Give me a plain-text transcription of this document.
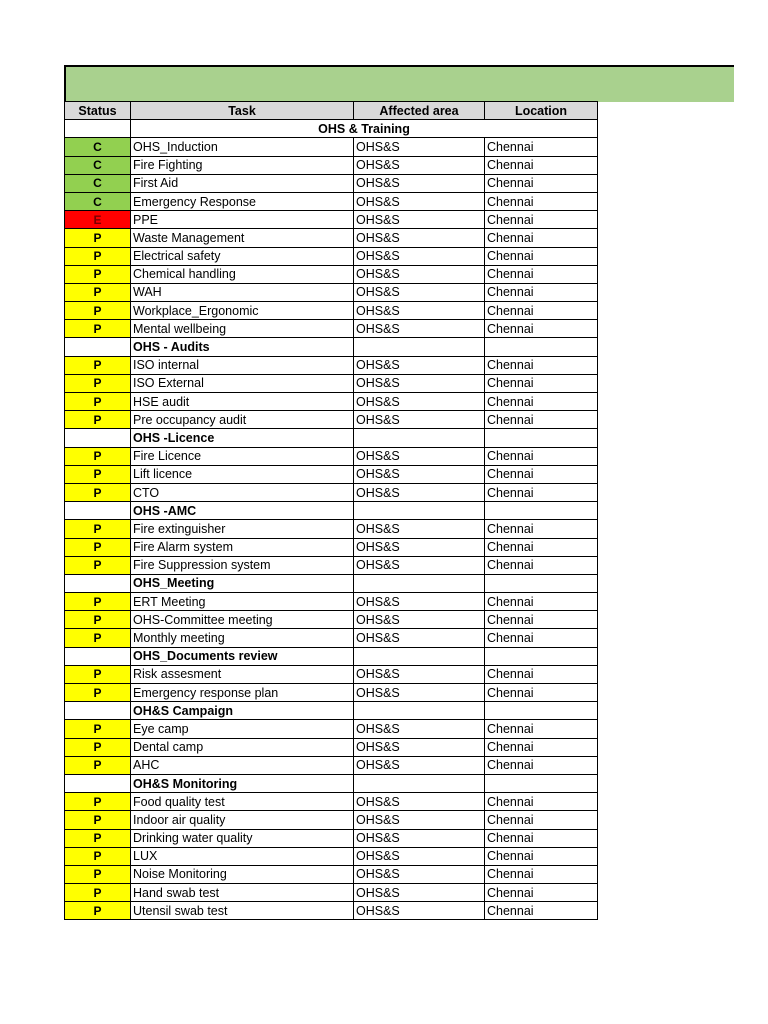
Status	Task	Affected area	Location
	OHS & Training		
C	OHS_Induction	OHS&S	Chennai
C	Fire Fighting	OHS&S	Chennai
C	First Aid	OHS&S	Chennai
C	Emergency Response	OHS&S	Chennai
E	PPE	OHS&S	Chennai
P	Waste Management	OHS&S	Chennai
P	Electrical safety	OHS&S	Chennai
P	Chemical handling	OHS&S	Chennai
P	WAH	OHS&S	Chennai
P	Workplace_Ergonomic	OHS&S	Chennai
P	Mental wellbeing	OHS&S	Chennai
	OHS - Audits		
P	ISO internal	OHS&S	Chennai
P	ISO External	OHS&S	Chennai
P	HSE audit	OHS&S	Chennai
P	Pre occupancy audit	OHS&S	Chennai
	OHS -Licence		
P	Fire Licence	OHS&S	Chennai
P	Lift licence	OHS&S	Chennai
P	CTO	OHS&S	Chennai
	OHS -AMC		
P	Fire extinguisher	OHS&S	Chennai
P	Fire Alarm system	OHS&S	Chennai
P	Fire Suppression system	OHS&S	Chennai
	OHS_Meeting		
P	ERT Meeting	OHS&S	Chennai
P	OHS-Committee meeting	OHS&S	Chennai
P	Monthly meeting	OHS&S	Chennai
	OHS_Documents review		
P	Risk assesment	OHS&S	Chennai
P	Emergency response plan	OHS&S	Chennai
	OH&S Campaign		
P	Eye camp	OHS&S	Chennai
P	Dental camp	OHS&S	Chennai
P	AHC	OHS&S	Chennai
	OH&S Monitoring		
P	Food quality test	OHS&S	Chennai
P	Indoor air quality	OHS&S	Chennai
P	Drinking water quality	OHS&S	Chennai
P	LUX	OHS&S	Chennai
P	Noise Monitoring	OHS&S	Chennai
P	Hand swab test	OHS&S	Chennai
P	Utensil swab test	OHS&S	Chennai
